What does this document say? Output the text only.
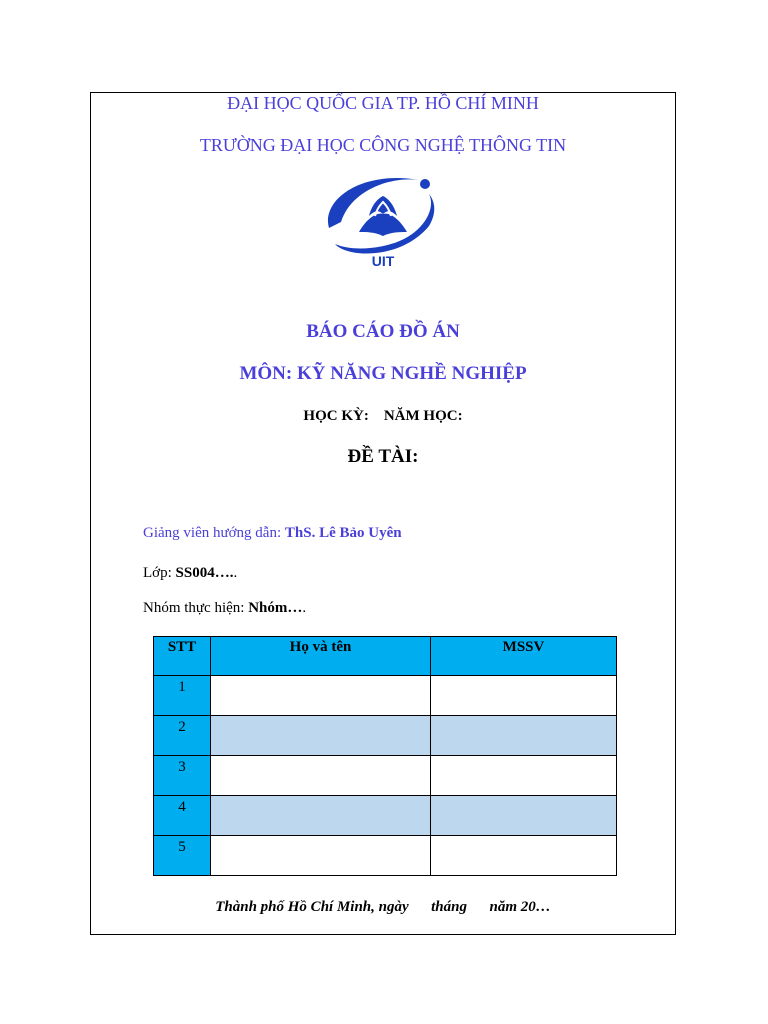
ĐẠI HỌC QUỐC GIA TP. HỒ CHÍ MINH

TRƯỜNG ĐẠI HỌC CÔNG NGHỆ THÔNG TIN

UIT

BÁO CÁO ĐỒ ÁN

MÔN: KỸ NĂNG NGHỀ NGHIỆP

HỌC KỲ: NĂM HỌC:

ĐỀ TÀI:

Giảng viên hướng dẫn: ThS. Lê Bảo Uyên

Lớp: SS004…..

Nhóm thực hiện: Nhóm….

STT	Họ và tên	MSSV
1		
2		
3		
4		
5		

Thành phố Hồ Chí Minh, ngày      tháng      năm 20…
